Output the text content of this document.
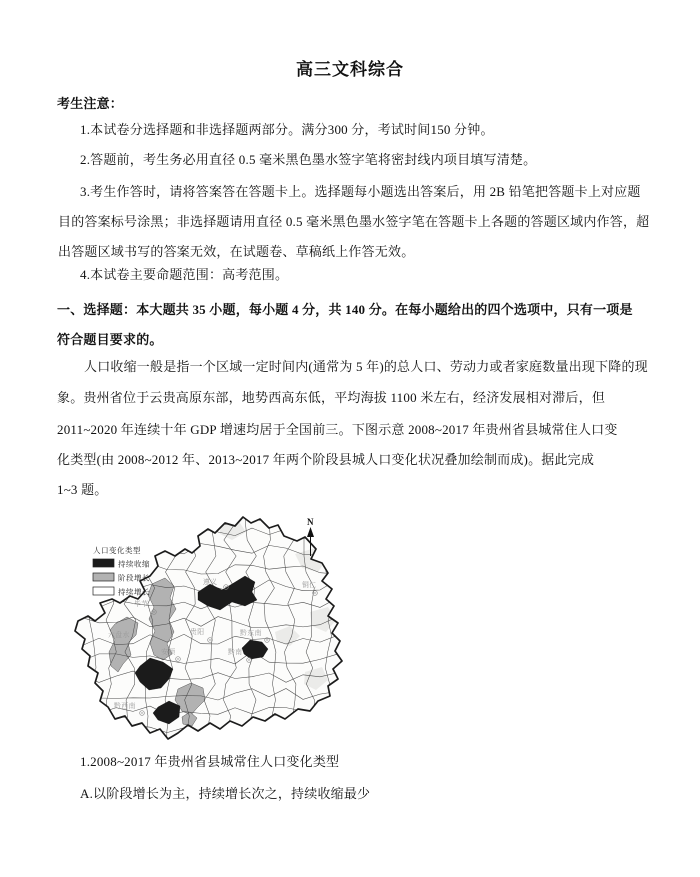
高三文科综合
考生注意：
1.本试卷分选择题和非选择题两部分。满分300 分，考试时间150 分钟。
2.答题前，考生务必用直径 0.5 毫米黑色墨水签字笔将密封线内项目填写清楚。
3.考生作答时，请将答案答在答题卡上。选择题每小题选出答案后，用 2B 铅笔把答题卡上对应题
目的答案标号涂黑；非选择题请用直径 0.5 毫米黑色墨水签字笔在答题卡上各题的答题区域内作答，超
出答题区域书写的答案无效，在试题卷、草稿纸上作答无效。
4.本试卷主要命题范围：高考范围。
一、选择题：本大题共 35 小题，每小题 4 分，共 140 分。在每小题给出的四个选项中，只有一项是
符合题目要求的。
人口收缩一般是指一个区域一定时间内(通常为 5 年)的总人口、劳动力或者家庭数量出现下降的现
象。贵州省位于云贵高原东部，地势西高东低，平均海拔 1100 米左右，经济发展相对滞后，但
2011~2020 年连续十年 GDP 增速均居于全国前三。下图示意 2008~2017 年贵州省县城常住人口变
化类型(由 2008~2012 年、2013~2017 年两个阶段县城人口变化状况叠加绘制而成)。据此完成
1~3 题。
人口变化类型
持续收缩
阶段增长
持续增长
N
遵义	铜仁
毕节
六盘水	贵阳	黔东南
安顺	黔南
黔西南
1.2008~2017 年贵州省县城常住人口变化类型
A.以阶段增长为主，持续增长次之，持续收缩最少
